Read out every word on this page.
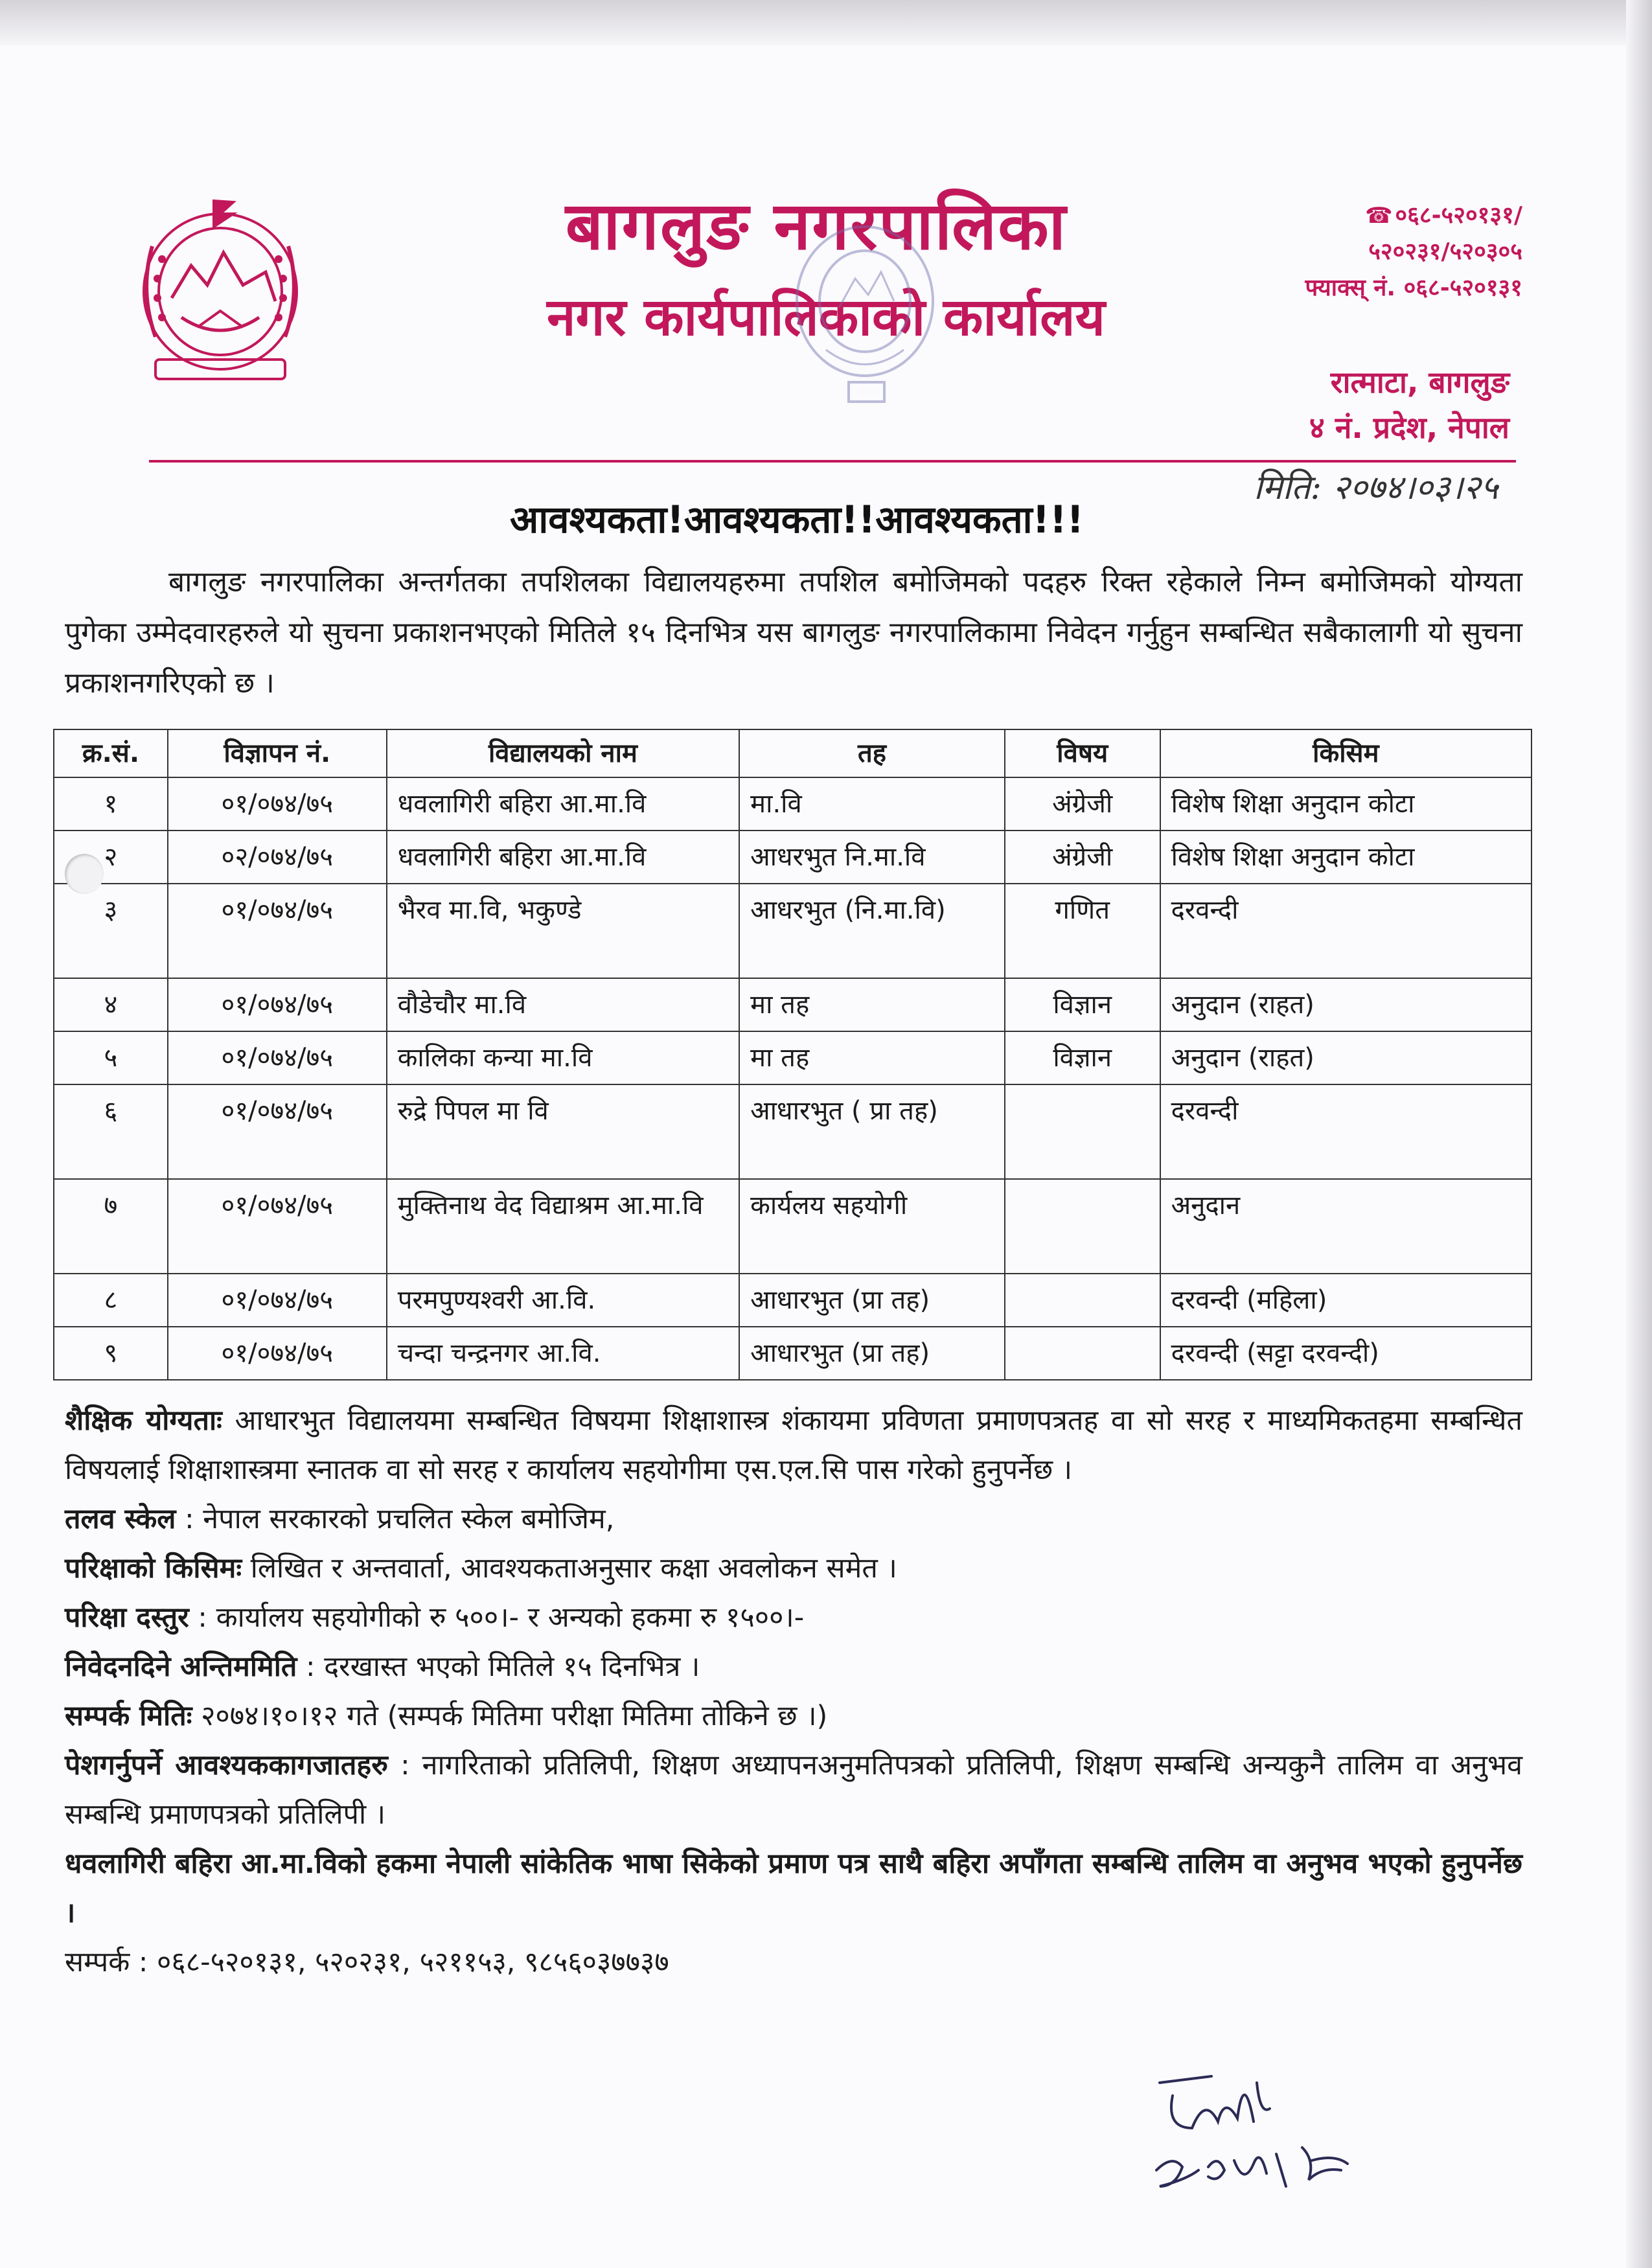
बागलुङ नगरपालिका
नगर कार्यपालिकाको कार्यालय
☎ ०६८-५२०१३१/
५२०२३१/५२०३०५
फ्याक्स् नं. ०६८-५२०१३१
रात्माटा, बागलुङ
४ नं. प्रदेश, नेपाल
मिति: २०७४।०३।२५
आवश्यकता!आवश्यकता!!आवश्यकता!!!
बागलुङ नगरपालिका अन्तर्गतका तपशिलका विद्यालयहरुमा तपशिल बमोजिमको पदहरु रिक्त रहेकाले निम्न बमोजिमको योग्यता पुगेका उम्मेदवारहरुले यो सुचना प्रकाशनभएको मितिले १५ दिनभित्र यस बागलुङ नगरपालिकामा निवेदन गर्नुहुन सम्बन्धित सबैकालागी यो सुचना प्रकाशनगरिएको छ ।
क्र.सं.	विज्ञापन नं.	विद्यालयको नाम	तह	विषय	किसिम
१	०१/०७४/७५	धवलागिरी बहिरा आ.मा.वि	मा.वि	अंग्रेजी	विशेष शिक्षा अनुदान कोटा
२	०२/०७४/७५	धवलागिरी बहिरा आ.मा.वि	आधरभुत नि.मा.वि	अंग्रेजी	विशेष शिक्षा अनुदान कोटा
३	०१/०७४/७५	भैरव मा.वि, भकुण्डे	आधरभुत (नि.मा.वि)	गणित	दरवन्दी
४	०१/०७४/७५	वौडेचौर मा.वि	मा तह	विज्ञान	अनुदान (राहत)
५	०१/०७४/७५	कालिका कन्या मा.वि	मा तह	विज्ञान	अनुदान (राहत)
६	०१/०७४/७५	रुद्रे पिपल मा वि	आधारभुत ( प्रा तह)		दरवन्दी
७	०१/०७४/७५	मुक्तिनाथ वेद विद्याश्रम आ.मा.वि	कार्यलय सहयोगी		अनुदान
८	०१/०७४/७५	परमपुण्यश्वरी आ.वि.	आधारभुत (प्रा तह)		दरवन्दी (महिला)
९	०१/०७४/७५	चन्दा चन्द्रनगर आ.वि.	आधारभुत (प्रा तह)		दरवन्दी (सट्टा दरवन्दी)

शैक्षिक योग्यताः आधारभुत विद्यालयमा सम्बन्धित विषयमा शिक्षाशास्त्र शंकायमा प्रविणता प्रमाणपत्रतह वा सो सरह र माध्यमिकतहमा सम्बन्धित विषयलाई शिक्षाशास्त्रमा स्नातक वा सो सरह र कार्यालय सहयोगीमा एस.एल.सि पास गरेको हुनुपर्नेछ ।

तलव स्केल : नेपाल सरकारको प्रचलित स्केल बमोजिम,

परिक्षाको किसिमः लिखित र अन्तवार्ता, आवश्यकताअनुसार कक्षा अवलोकन समेत ।

परिक्षा दस्तुर : कार्यालय सहयोगीको रु ५००।- र अन्यको हकमा रु १५००।-

निवेदनदिने अन्तिममिति : दरखास्त भएको मितिले १५ दिनभित्र ।

सम्पर्क मितिः २०७४।१०।१२ गते (सम्पर्क मितिमा परीक्षा मितिमा तोकिने छ ।)

पेशगर्नुपर्ने आवश्यककागजातहरु : नागरिताको प्रतिलिपी, शिक्षण अध्यापनअनुमतिपत्रको प्रतिलिपी, शिक्षण सम्बन्धि अन्यकुनै तालिम वा अनुभव सम्बन्धि प्रमाणपत्रको प्रतिलिपी ।

धवलागिरी बहिरा आ.मा.विको हकमा नेपाली सांकेतिक भाषा सिकेको प्रमाण पत्र साथै बहिरा अपाँगता सम्बन्धि तालिम वा अनुभव भएको हुनुपर्नेछ ।

सम्पर्क : ०६८-५२०१३१, ५२०२३१, ५२११५३, ९८५६०३७७३७
